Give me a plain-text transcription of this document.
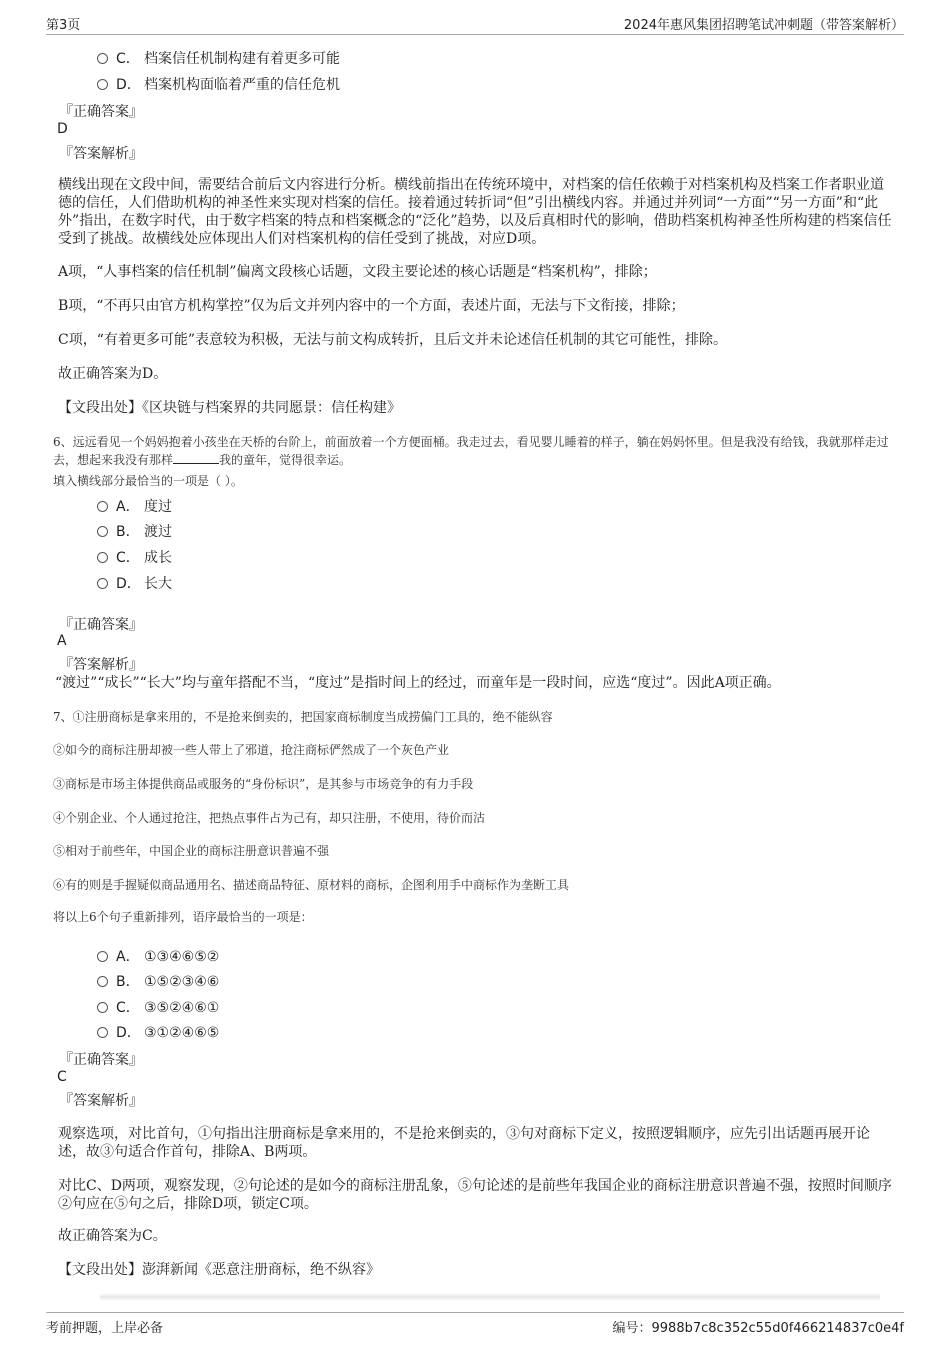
第3页	2024年惠风集团招聘笔试冲刺题（带答案解析）
C． 档案信任机制构建有着更多可能
D． 档案机构面临着严重的信任危机
『正确答案』
D
『答案解析』
横线出现在文段中间，需要结合前后文内容进行分析。横线前指出在传统环境中，对档案的信任依赖于对档案机构及档案工作者职业道德的信任，人们借助机构的神圣性来实现对档案的信任。接着通过转折词“但”引出横线内容。并通过并列词“一方面”“另一方面”和“此外”指出，在数字时代，由于数字档案的特点和档案概念的“泛化”趋势，以及后真相时代的影响，借助档案机构神圣性所构建的档案信任受到了挑战。故横线处应体现出人们对档案机构的信任受到了挑战，对应D项。
A项，“人事档案的信任机制”偏离文段核心话题，文段主要论述的核心话题是“档案机构”，排除；
B项，“不再只由官方机构掌控”仅为后文并列内容中的一个方面，表述片面，无法与下文衔接，排除；
C项，“有着更多可能”表意较为积极，无法与前文构成转折，且后文并未论述信任机制的其它可能性，排除。
故正确答案为D。
【文段出处】《区块链与档案界的共同愿景：信任构建》
6、远远看见一个妈妈抱着小孩坐在天桥的台阶上，前面放着一个方便面桶。我走过去，看见婴儿睡着的样子，躺在妈妈怀里。但是我没有给钱，我就那样走过去，想起来我没有那样	我的童年，觉得很幸运。
填入横线部分最恰当的一项是（ ）。
A． 度过
B． 渡过
C． 成长
D． 长大
『正确答案』
A
『答案解析』
“渡过”“成长”“长大”均与童年搭配不当，“度过”是指时间上的经过，而童年是一段时间，应选“度过”。因此A项正确。
7、①注册商标是拿来用的，不是抢来倒卖的，把国家商标制度当成捞偏门工具的，绝不能纵容
②如今的商标注册却被一些人带上了邪道，抢注商标俨然成了一个灰色产业
③商标是市场主体提供商品或服务的“身份标识”，是其参与市场竞争的有力手段
④个别企业、个人通过抢注，把热点事件占为己有，却只注册，不使用，待价而沽
⑤相对于前些年，中国企业的商标注册意识普遍不强
⑥有的则是手握疑似商品通用名、描述商品特征、原材料的商标，企图利用手中商标作为垄断工具
将以上6个句子重新排列，语序最恰当的一项是：
A． ①③④⑥⑤②
B． ①⑤②③④⑥
C． ③⑤②④⑥①
D． ③①②④⑥⑤
『正确答案』
C
『答案解析』
观察选项，对比首句，①句指出注册商标是拿来用的，不是抢来倒卖的，③句对商标下定义，按照逻辑顺序，应先引出话题再展开论述，故③句适合作首句，排除A、B两项。
对比C、D两项，观察发现，②句论述的是如今的商标注册乱象，⑤句论述的是前些年我国企业的商标注册意识普遍不强，按照时间顺序②句应在⑤句之后，排除D项，锁定C项。
故正确答案为C。
【文段出处】澎湃新闻《恶意注册商标，绝不纵容》
考前押题，上岸必备	编号：9988b7c8c352c55d0f466214837c0e4f
